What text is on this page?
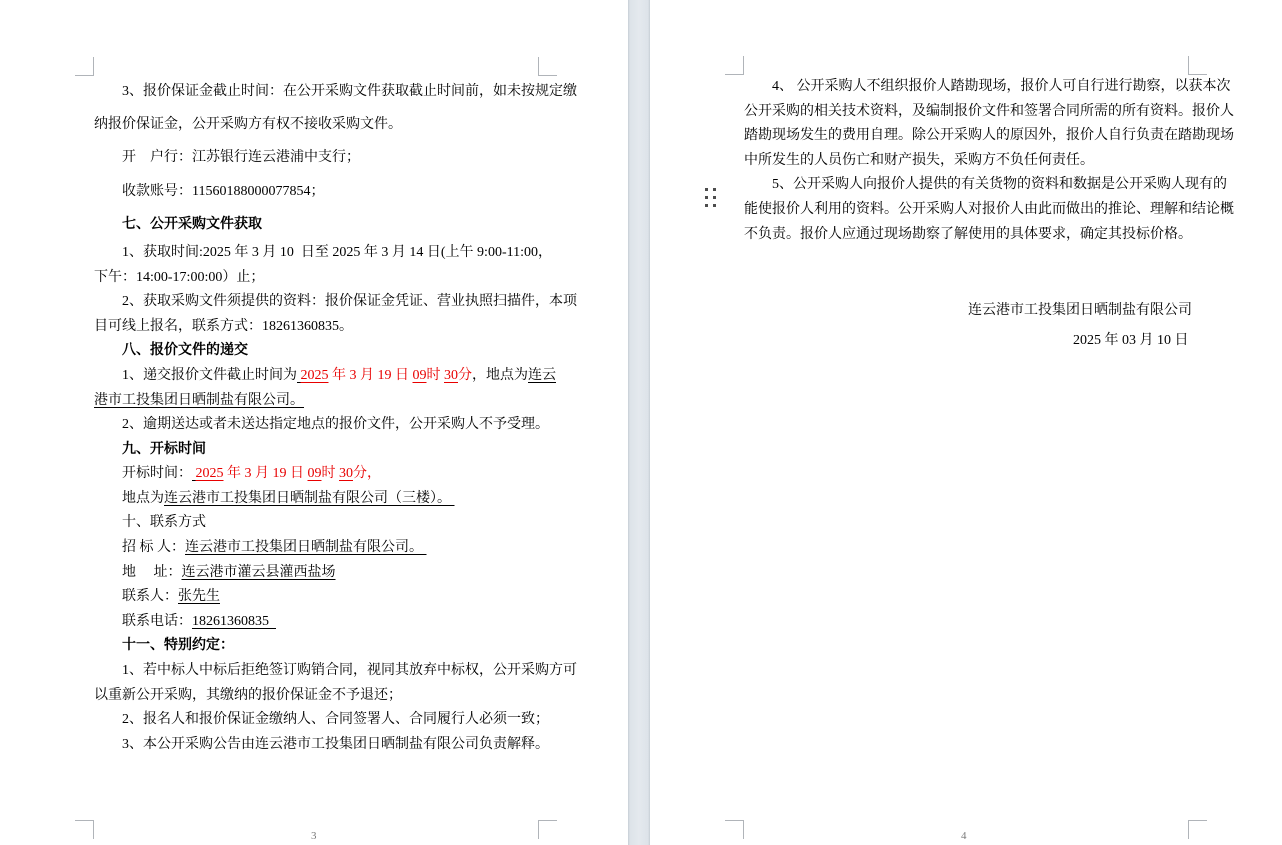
　　3、报价保证金截止时间：在公开采购文件获取截止时间前，如未按规定缴
纳报价保证金，公开采购方有权不接收采购文件。
　　开　户行：江苏银行连云港浦中支行；
　　收款账号：11560188000077854；
　　七、公开采购文件获取
　　1、获取时间:2025 年 3 月 10  日至 2025 年 3 月 14 日(上午 9:00-11:00，
下午：14:00-17:00:00）止；
　　2、获取采购文件须提供的资料：报价保证金凭证、营业执照扫描件，本项
目可线上报名，联系方式：18261360835。
　　八、报价文件的递交
　　1、递交报价文件截止时间为 2025 年 3 月 19 日 09时 30分，地点为连云
港市工投集团日晒制盐有限公司。
　　2、逾期送达或者未送达指定地点的报价文件，公开采购人不予受理。
　　九、开标时间
　　开标时间： 2025 年 3 月 19 日 09时 30分，
　　地点为连云港市工投集团日晒制盐有限公司（三楼）。
　　十、联系方式
　　招 标 人：连云港市工投集团日晒制盐有限公司。
　　地　 址：连云港市灌云县灌西盐场
　　联系人：张先生
　　联系电话：18261360835
　　十一、特别约定：
　　1、若中标人中标后拒绝签订购销合同，视同其放弃中标权，公开采购方可
以重新公开采购，其缴纳的报价保证金不予退还；
　　2、报名人和报价保证金缴纳人、合同签署人、合同履行人必须一致；
　　3、本公开采购公告由连云港市工投集团日晒制盐有限公司负责解释。
　　4、 公开采购人不组织报价人踏勘现场，报价人可自行进行勘察，以获本次
公开采购的相关技术资料，及编制报价文件和签署合同所需的所有资料。报价人
踏勘现场发生的费用自理。除公开采购人的原因外，报价人自行负责在踏勘现场
中所发生的人员伤亡和财产损失，采购方不负任何责任。
　　5、公开采购人向报价人提供的有关货物的资料和数据是公开采购人现有的
能使报价人利用的资料。公开采购人对报价人由此而做出的推论、理解和结论概
不负责。报价人应通过现场勘察了解使用的具体要求，确定其投标价格。

连云港市工投集团日晒制盐有限公司
2025 年 03 月 10 日
3	4
